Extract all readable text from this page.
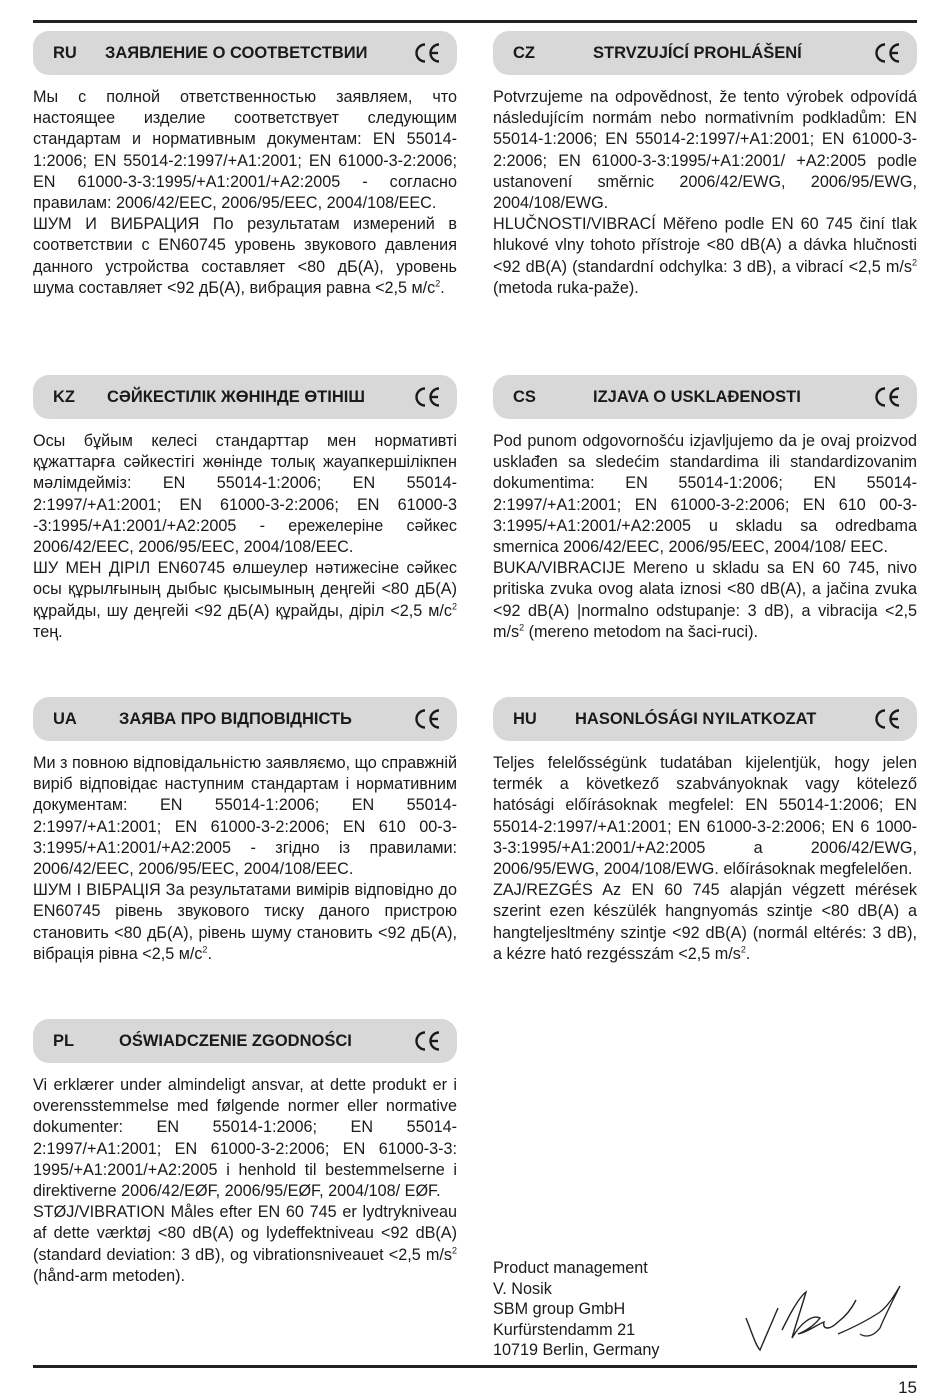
RU ЗАЯВЛЕНИЕ О СООТВЕТСТВИИ

Мы с полной ответственностью заявляем, что настоящее изделие соответствует следующим стандартам и нормативным документам: EN 55014-1:2006; EN 55014-2:1997/+A1:2001; EN 61000-3-2:2006; EN 61000-3-3:1995/+A1:2001/+A2:2005 - согласно правилам: 2006/42/EEC, 2006/95/EEC, 2004/108/EEC.

ШУМ И ВИБРАЦИЯ По результатам измерений в соответствии с EN60745 уровень звукового давления данного устройства составляет <80 дБ(A), уровень шума составляет <92 дБ(A), вибрация равна <2,5 $м/с^2$.

CZ	STRVZUJÍCÍ PROHLÁŠENÍ

Potvrzujeme na odpovědnost, že tento výrobek odpovídá následujícím normám nebo normativním podkladům: EN 55014-1:2006; EN 55014-2:1997/+A1:2001; EN 61000-3-2:2006; EN 61000-3-3:1995/+A1:2001/ +A2:2005 podle ustanovení směrnic 2006/42/EWG, 2006/95/EWG, 2004/108/EWG.

HLUČNOSTI/VIBRACÍ Měřeno podle EN 60 745 činí tlak hlukové vlny tohoto přístroje <80 dB(A) a dávka hlučnosti <92 dB(A) (standardní odchylka: 3 dB), a vibrací <2,5 $m/s^2$ (metoda ruka-paže).

KZ СӘЙКЕСТІЛІК ЖӨНІНДЕ ӨТІНІШ

Осы бұйым келесі стандарттар мен нормативті құжаттарға сәйкестігі жөнінде толық жауапкершілікпен мәлімдейміз: EN 55014-1:2006; EN 55014-2:1997/+A1:2001; EN 61000-3-2:2006; EN 61000-3 -3:1995/+A1:2001/+A2:2005 - ережелеріне сәйкес 2006/42/EEC, 2006/95/EEC, 2004/108/EEC.

ШУ МЕН ДІРІЛ EN60745 өлшеулер нәтижесіне сәйкес осы құрылғының дыбыс қысымының деңгейі <80 дБ(A) құрайды, шу деңгейі <92 дБ(A) құрайды, діріл <2,5 $м/с^2$ тең.

CS	IZJAVA O USKLAĐENOSTI

Pod punom odgovornošću izjavljujemo da je ovaj proizvod usklađen sa sledećim standardima ili standardizovanim dokumentima: EN 55014-1:2006; EN 55014-2:1997/+A1:2001; EN 61000-3-2:2006; EN 610 00-3-3:1995/+A1:2001/+A2:2005 u skladu sa odredbama smernica 2006/42/EEC, 2006/95/EEC, 2004/108/ EEC.

BUKA/VIBRACIJE Mereno u skladu sa EN 60 745, nivo pritiska zvuka ovog alata iznosi <80 dB(A), a jačina zvuka <92 dB(A) |normalno odstupanje: 3 dB), a vibracija <2,5 $m/s^2$ (mereno metodom na šaci-ruci).

UA	ЗАЯВА ПРО ВІДПОВІДНІСТЬ

Ми з повною відповідальністю заявляємо, що справжній виріб відповідає наступним стандартам і нормативним документам: EN 55014-1:2006; EN 55014-2:1997/+A1:2001; EN 61000-3-2:2006; EN 610 00-3-3:1995/+A1:2001/+A2:2005 - згідно із правилами: 2006/42/EEC, 2006/95/EEC, 2004/108/EEC.

ШУМ І ВІБРАЦІЯ За результатами вимірів відповідно до EN60745 рівень звукового тиску даного пристрою становить <80 дБ(A), рівень шуму становить <92 дБ(A), вібрація рівна <2,5 $м/с^2$.

HU HASONLÓSÁGI NYILATKOZAT

Teljes felelősségünk tudatában kijelentjük, hogy jelen termék a következő szabványoknak vagy kötelező hatósági előírásoknak megfelel: EN 55014-1:2006; EN 55014-2:1997/+A1:2001; EN 61000-3-2:2006; EN 6 1000-3-3:1995/+A1:2001/+A2:2005 a 2006/42/EWG, 2006/95/EWG, 2004/108/EWG. előírásoknak megfelelően.

ZAJ/REZGÉS Az EN 60 745 alapján végzett mérések szerint ezen készülék hangnyomás szintje <80 dB(A) a hangteljesltmény szintje <92 dB(A) (normál eltérés: 3 dB), a kézre ható rezgésszám <2,5 $m/s^2$.

PL	OŚWIADCZENIE ZGODNOŚCI

Vi erklærer under almindeligt ansvar, at dette produkt er i overensstemmelse med følgende normer eller normative dokumenter: EN 55014-1:2006; EN 55014-2:1997/+A1:2001; EN 61000-3-2:2006; EN 61000-3-3: 1995/+A1:2001/+A2:2005 i henhold til bestemmelserne i direktiverne 2006/42/EØF, 2006/95/EØF, 2004/108/ EØF.

STØJ/VIBRATION Måles efter EN 60 745 er lydtrykniveau af dette værktøj <80 dB(A) og lydeffektniveau <92 dB(A) (standard deviation: 3 dB), og vibrationsniveauet <2,5 $m/s^2$ (hånd-arm metoden).	Product management
V. Nosik
SBM group GmbH
Kurfürstendamm 21
10719 Berlin, Germany
15
